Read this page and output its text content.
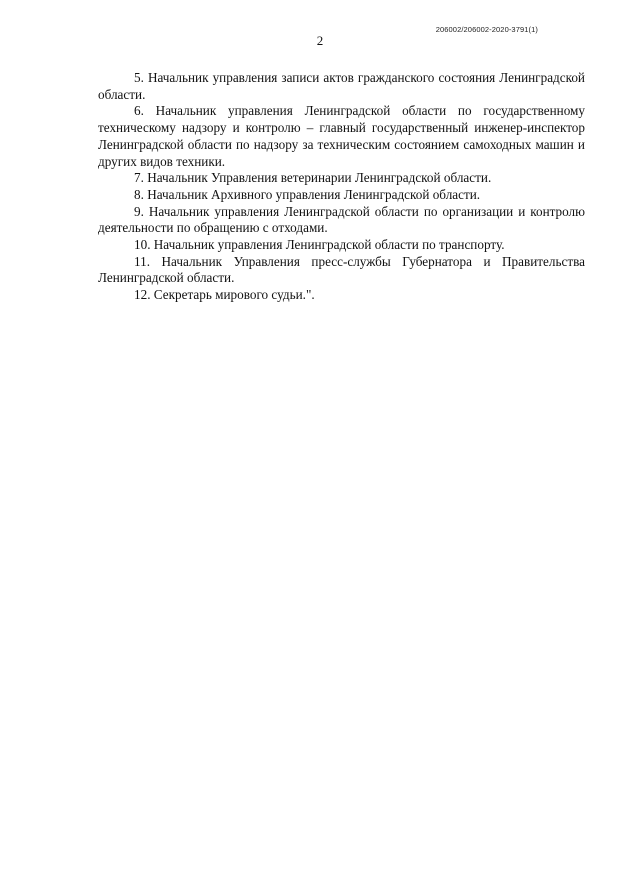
206002/206002-2020-3791(1)
2

5. Начальник управления записи актов гражданского состояния Ленинградской области.

6. Начальник управления Ленинградской области по государственному техническому надзору и контролю – главный государственный инженер-инспектор Ленинградской области по надзору за техническим состоянием самоходных машин и других видов техники.

7. Начальник Управления ветеринарии Ленинградской области.

8. Начальник Архивного управления Ленинградской области.

9. Начальник управления Ленинградской области по организации и контролю деятельности по обращению с отходами.

10. Начальник управления Ленинградской области по транспорту.

11. Начальник Управления пресс-службы Губернатора и Правительства Ленинградской области.

12. Секретарь мирового судьи.".
